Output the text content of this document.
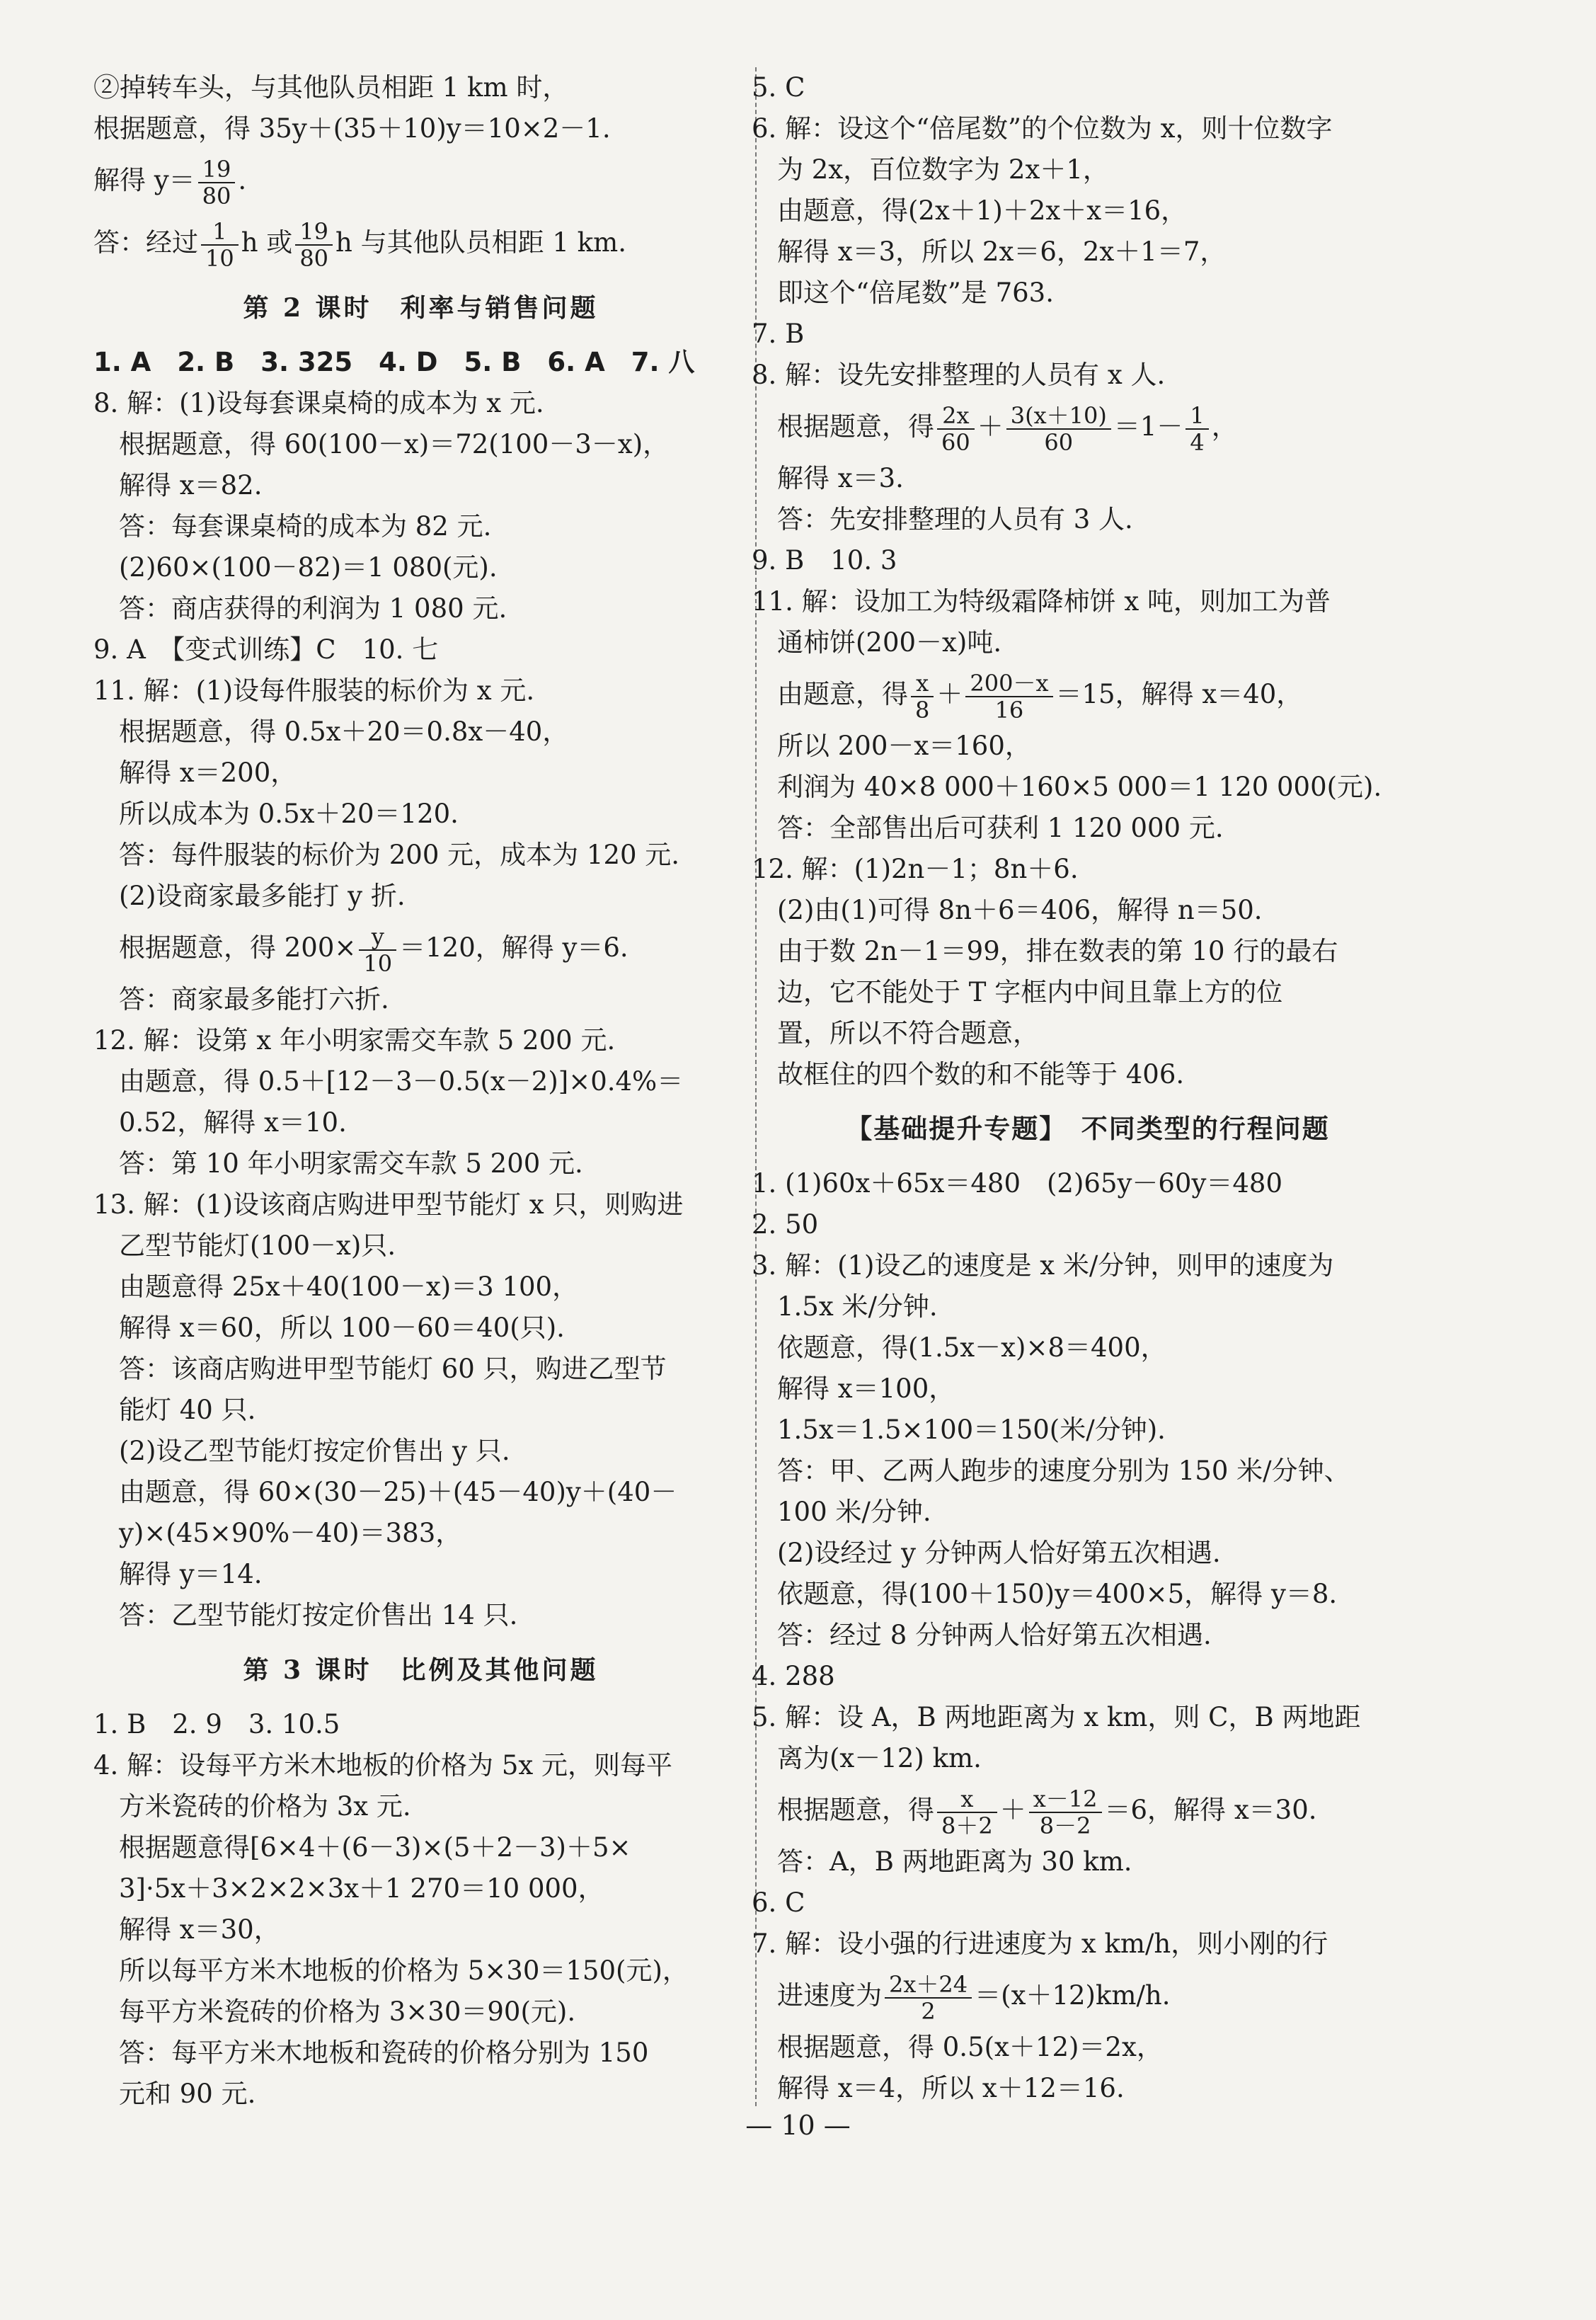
②掉转车头，与其他队员相距 1 km 时，
根据题意，得 35y＋(35＋10)y＝10×2－1.
解得 $y= \frac{19}{80}$ .
答：经过 $\frac{1}{10}$ h 或 $\frac{19}{80}$ h 与其他队员相距 1 km.
第 2 课时　利率与销售问题
1. A　2. B　3. 325　4. D　5. B　6. A　7. 八
8. 解：(1)设每套课桌椅的成本为 x 元.
根据题意，得 60(100－x)＝72(100－3－x)，
解得 x＝82.
答：每套课桌椅的成本为 82 元.
(2)60×(100－82)＝1 080(元).
答：商店获得的利润为 1 080 元.
9. A　【变式训练】C　10. 七
11. 解：(1)设每件服装的标价为 x 元.
根据题意，得 0.5x＋20＝0.8x－40，
解得 x＝200，
所以成本为 0.5x＋20＝120.
答：每件服装的标价为 200 元，成本为 120 元.
(2)设商家最多能打 y 折.
根据题意，得 $200\times \frac{y}{10} =120$，解得 y＝6.
答：商家最多能打六折.
12. 解：设第 x 年小明家需交车款 5 200 元.
由题意，得 0.5＋[12－3－0.5(x－2)]×0.4%＝
0.52，解得 x＝10.
答：第 10 年小明家需交车款 5 200 元.
13. 解：(1)设该商店购进甲型节能灯 x 只，则购进
乙型节能灯(100－x)只.
由题意得 25x＋40(100－x)＝3 100，
解得 x＝60，所以 100－60＝40(只).
答：该商店购进甲型节能灯 60 只，购进乙型节
能灯 40 只.
(2)设乙型节能灯按定价售出 y 只.
由题意，得 60×(30－25)＋(45－40)y＋(40－
y)×(45×90%－40)＝383，
解得 y＝14.
答：乙型节能灯按定价售出 14 只.
第 3 课时　比例及其他问题
1. B　2. 9　3. 10.5
4. 解：设每平方米木地板的价格为 5x 元，则每平
方米瓷砖的价格为 3x 元.
根据题意得[6×4＋(6－3)×(5＋2－3)＋5×
3]·5x＋3×2×2×3x＋1 270＝10 000，
解得 x＝30，
所以每平方米木地板的价格为 5×30＝150(元)，
每平方米瓷砖的价格为 3×30＝90(元).
答：每平方米木地板和瓷砖的价格分别为 150
元和 90 元.
5. C
6. 解：设这个“倍尾数”的个位数为 x，则十位数字
为 2x，百位数字为 2x＋1，
由题意，得(2x＋1)＋2x＋x＝16，
解得 x＝3，所以 2x＝6，2x＋1＝7，
即这个“倍尾数”是 763.
7. B
8. 解：设先安排整理的人员有 x 人.
根据题意，得 $\frac{2x}{60} + \frac{3(x+10)}{60} =1- \frac{1}{4}$ ，
解得 x＝3.
答：先安排整理的人员有 3 人.
9. B　10. 3
11. 解：设加工为特级霜降柿饼 x 吨，则加工为普
通柿饼(200－x)吨.
由题意，得 $\frac{x}{8} + \frac{200-x}{16} =15$，解得 x＝40，
所以 200－x＝160，
利润为 40×8 000＋160×5 000＝1 120 000(元).
答：全部售出后可获利 1 120 000 元.
12. 解：(1)2n－1；8n＋6.
(2)由(1)可得 8n＋6＝406，解得 n＝50.
由于数 2n－1＝99，排在数表的第 10 行的最右
边，它不能处于 T 字框内中间且靠上方的位
置，所以不符合题意，
故框住的四个数的和不能等于 406.
【基础提升专题】　不同类型的行程问题
1. (1)60x＋65x＝480　(2)65y－60y＝480
2. 50
3. 解：(1)设乙的速度是 x 米/分钟，则甲的速度为
1.5x 米/分钟.
依题意，得(1.5x－x)×8＝400，
解得 x＝100，
1.5x＝1.5×100＝150(米/分钟).
答：甲、乙两人跑步的速度分别为 150 米/分钟、
100 米/分钟.
(2)设经过 y 分钟两人恰好第五次相遇.
依题意，得(100＋150)y＝400×5，解得 y＝8.
答：经过 8 分钟两人恰好第五次相遇.
4. 288
5. 解：设 A，B 两地距离为 x km，则 C，B 两地距
离为(x－12) km.
根据题意，得 $\frac{x}{8+2} + \frac{x-12}{8-2} =6$，解得 x＝30.
答：A，B 两地距离为 30 km.
6. C
7. 解：设小强的行进速度为 x km/h，则小刚的行
进速度为 $\frac{2x+24}{2} =(x+12)km/h$.
根据题意，得 0.5(x＋12)＝2x，
解得 x＝4，所以 x＋12＝16.
— 10 —
